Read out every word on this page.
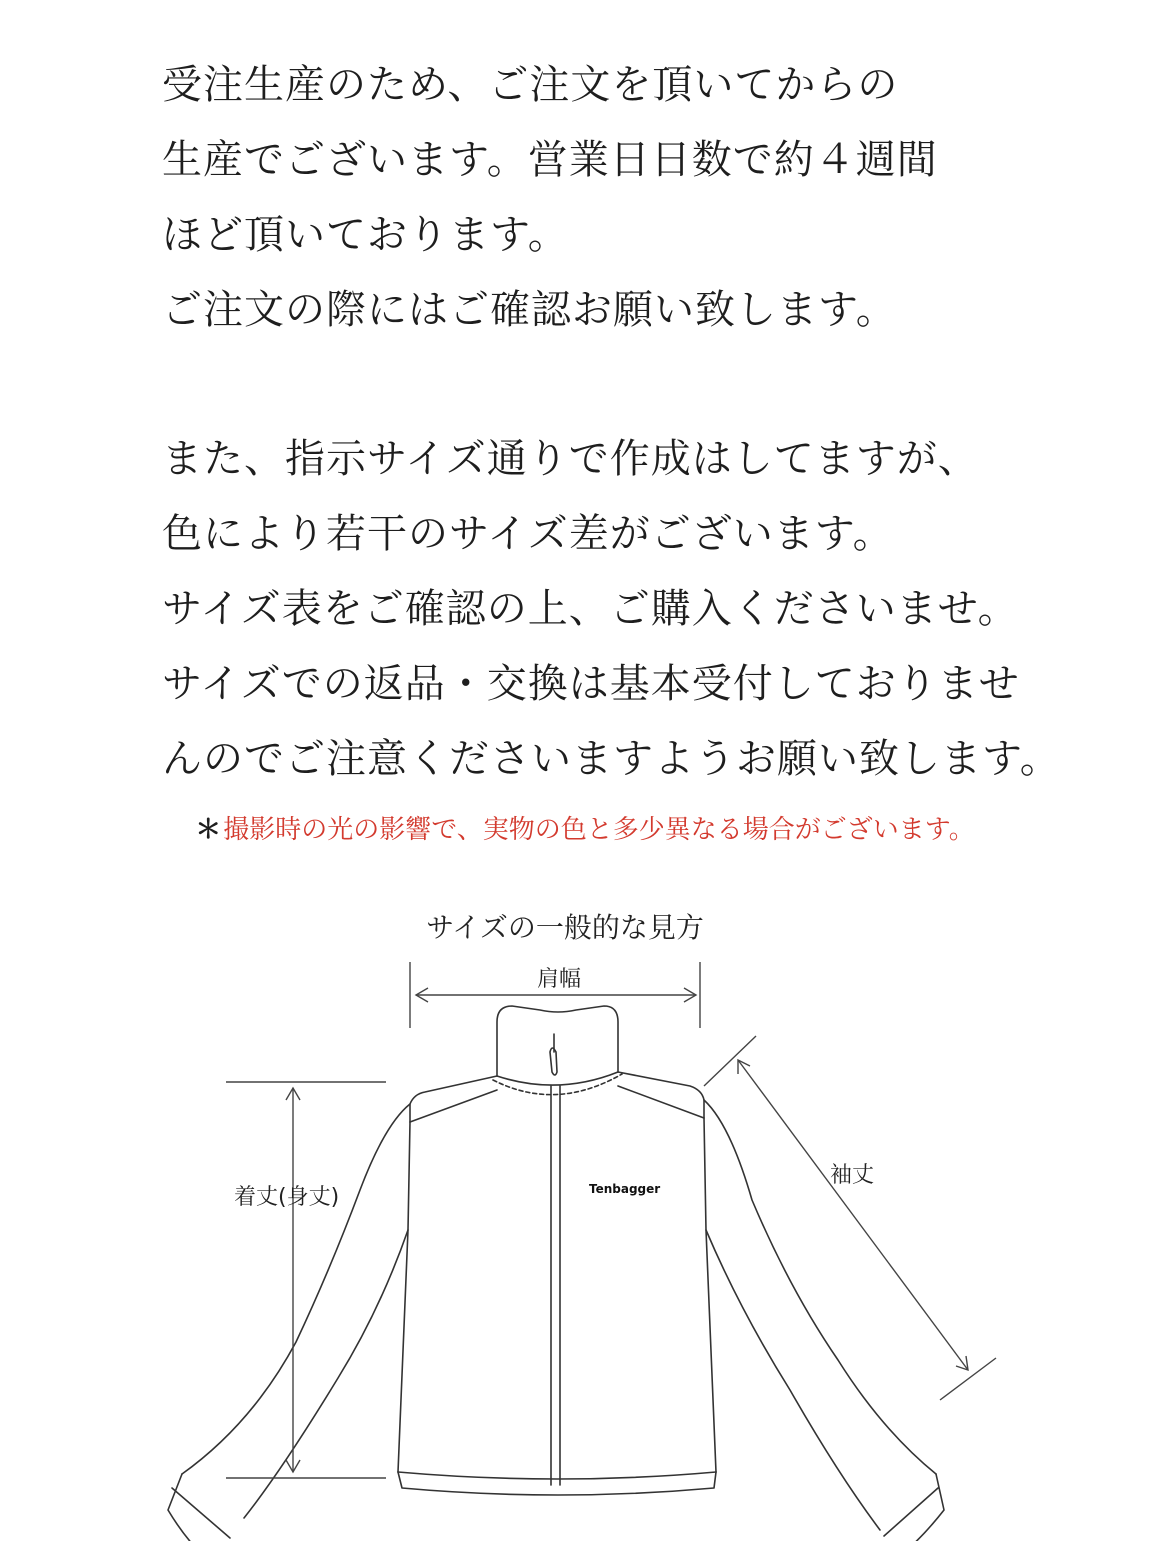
受注生産のため、ご注文を頂いてからの
生産でございます。営業日日数で約４週間
ほど頂いております。
ご注文の際にはご確認お願い致します。
また、指示サイズ通りで作成はしてますが、
色により若干のサイズ差がございます。
サイズ表をご確認の上、ご購入くださいませ。
サイズでの返品・交換は基本受付しておりませ
んのでご注意くださいますようお願い致します。
＊撮影時の光の影響で、実物の色と多少異なる場合がございます。
サイズの一般的な見方
肩幅
着丈(身丈)
袖丈
Tenbagger
